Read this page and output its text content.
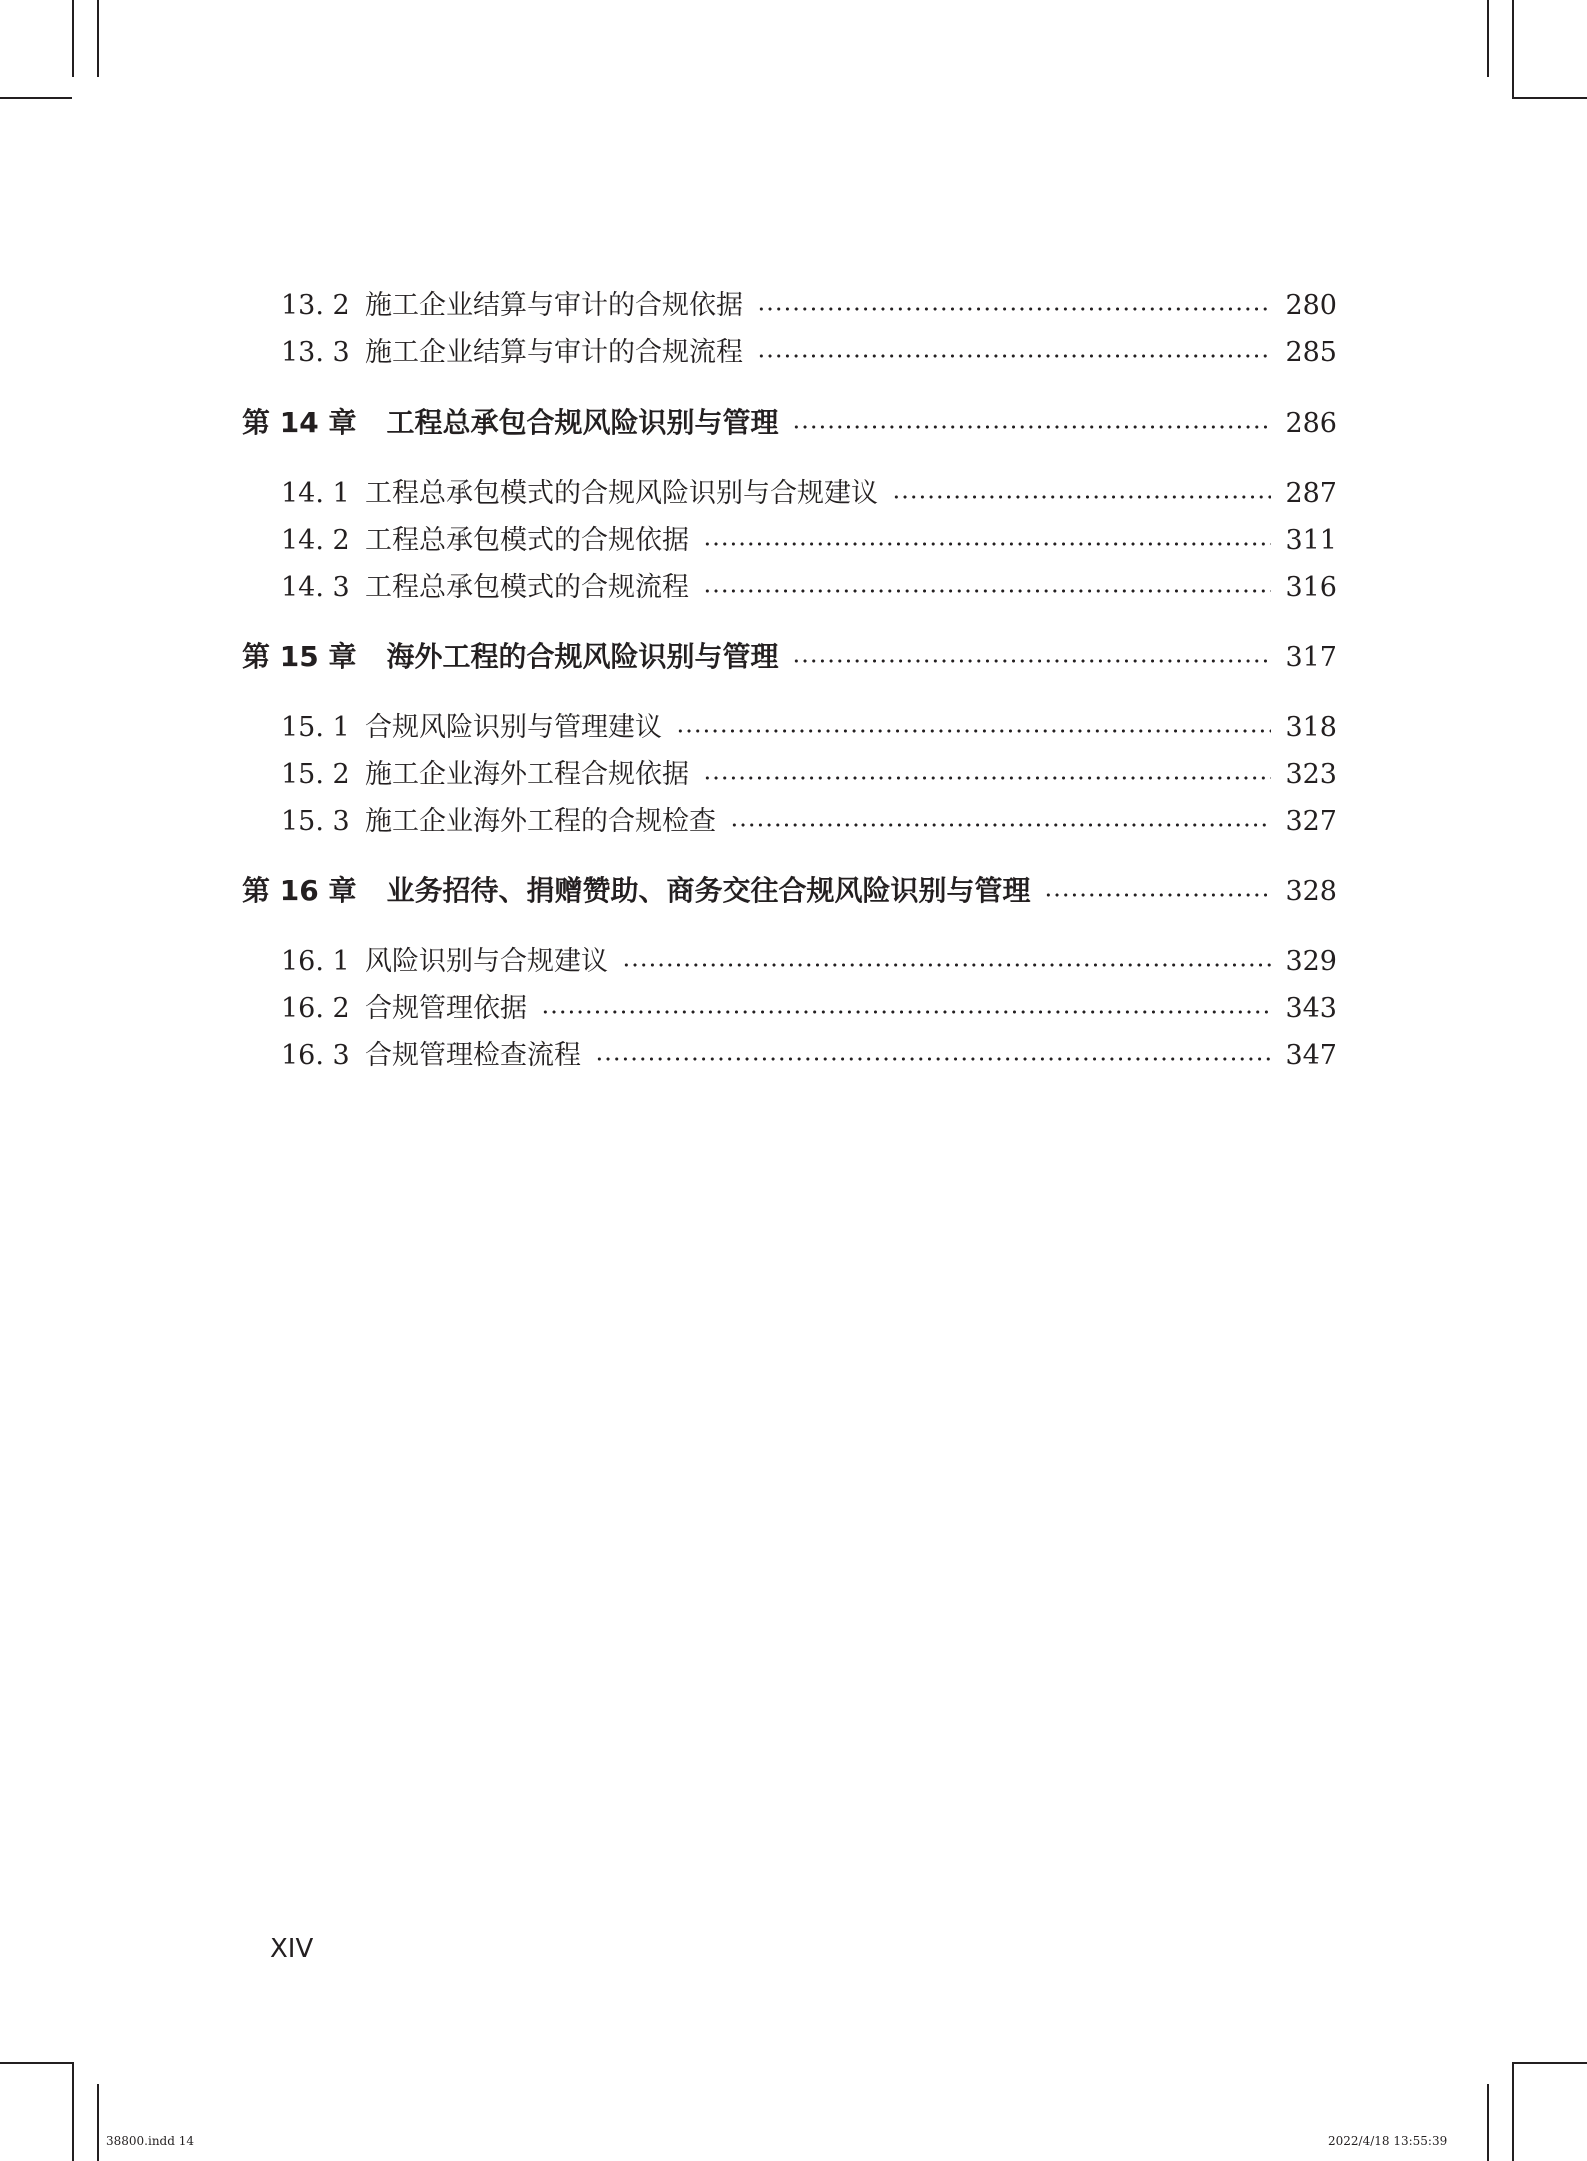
13. 2 施工企业结算与审计的合规依据	280
13. 3 施工企业结算与审计的合规流程	285
第 14 章 工程总承包合规风险识别与管理	286
14. 1 工程总承包模式的合规风险识别与合规建议	287
14. 2 工程总承包模式的合规依据	311
14. 3 工程总承包模式的合规流程	316
第 15 章 海外工程的合规风险识别与管理	317
15. 1 合规风险识别与管理建议	318
15. 2 施工企业海外工程合规依据	323
15. 3 施工企业海外工程的合规检查	327
第 16 章 业务招待、捐赠赞助、商务交往合规风险识别与管理	328
16. 1 风险识别与合规建议	329
16. 2 合规管理依据	343
16. 3 合规管理检查流程	347
XIV
38800.indd 14	2022/4/18 13:55:39
